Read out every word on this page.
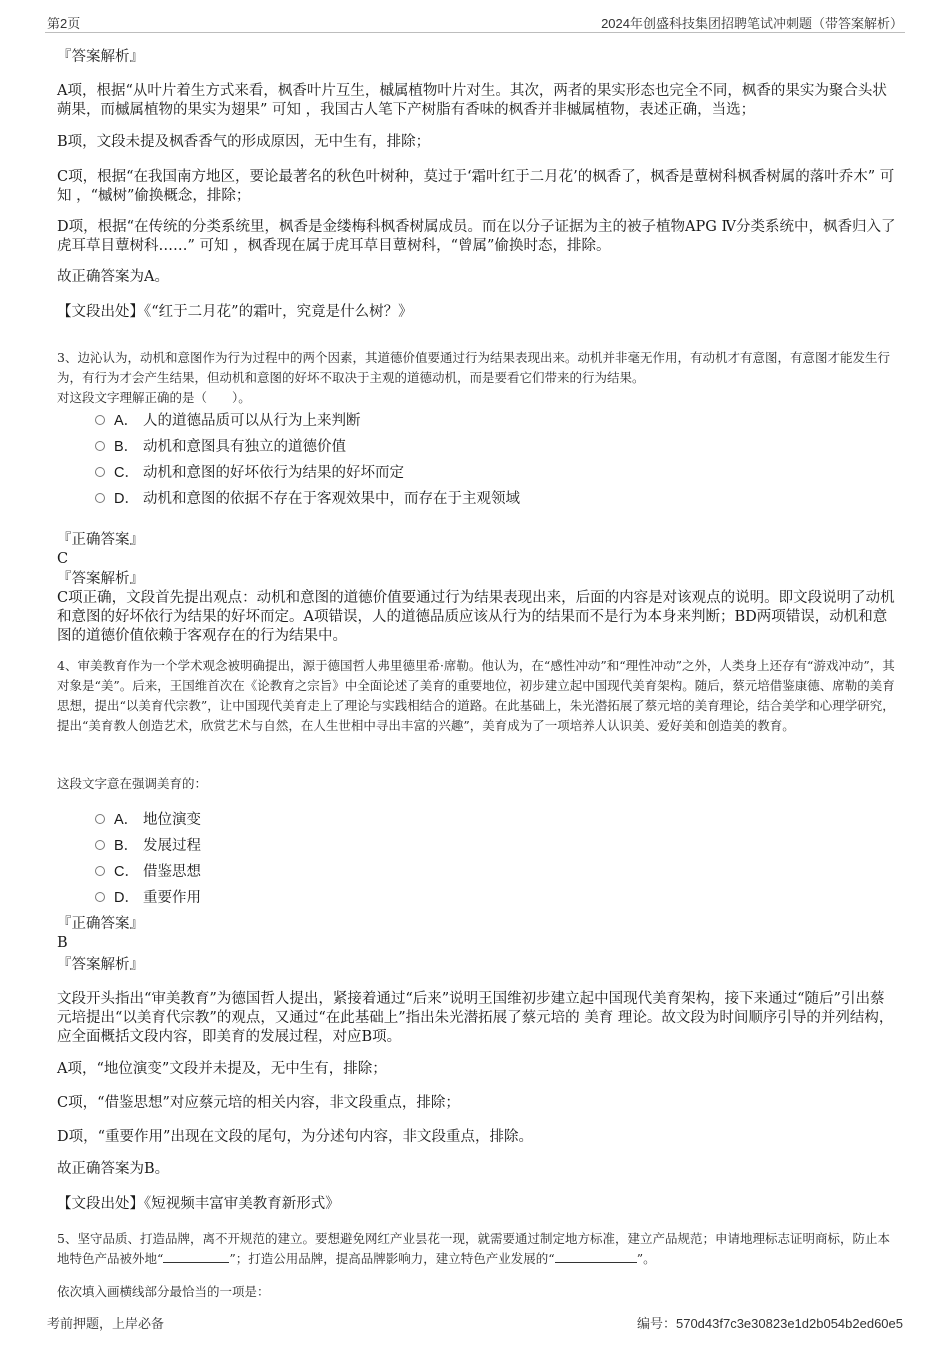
第2页	2024年创盛科技集团招聘笔试冲刺题（带答案解析）
『答案解析』
A项，根据“从叶片着生方式来看，枫香叶片互生，槭属植物叶片对生。其次，两者的果实形态也完全不同，枫香的果实为聚合头状蒴果，而槭属植物的果实为翅果” 可知 ，我国古人笔下产树脂有香味的枫香并非槭属植物，表述正确，当选；
B项，文段未提及枫香香气的形成原因，无中生有，排除；
C项，根据“在我国南方地区，要论最著名的秋色叶树种，莫过于‘霜叶红于二月花’的枫香了，枫香是蕈树科枫香树属的落叶乔木” 可知 ，“槭树”偷换概念，排除；
D项，根据“在传统的分类系统里，枫香是金缕梅科枫香树属成员。而在以分子证据为主的被子植物APG Ⅳ分类系统中，枫香归入了虎耳草目蕈树科……” 可知 ，枫香现在属于虎耳草目蕈树科，“曾属”偷换时态，排除。
故正确答案为A。
【文段出处】《“红于二月花”的霜叶，究竟是什么树？》
3、边沁认为，动机和意图作为行为过程中的两个因素，其道德价值要通过行为结果表现出来。动机并非毫无作用，有动机才有意图，有意图才能发生行为，有行为才会产生结果，但动机和意图的好坏不取决于主观的道德动机，而是要看它们带来的行为结果。
对这段文字理解正确的是（　　）。
A． 人的道德品质可以从行为上来判断
B． 动机和意图具有独立的道德价值
C． 动机和意图的好坏依行为结果的好坏而定
D． 动机和意图的依据不存在于客观效果中，而存在于主观领域
『正确答案』
C
『答案解析』
C项正确，文段首先提出观点：动机和意图的道德价值要通过行为结果表现出来，后面的内容是对该观点的说明。即文段说明了动机和意图的好坏依行为结果的好坏而定。A项错误，人的道德品质应该从行为的结果而不是行为本身来判断；BD两项错误，动机和意图的道德价值依赖于客观存在的行为结果中。
4、审美教育作为一个学术观念被明确提出，源于德国哲人弗里德里希·席勒。他认为，在“感性冲动”和“理性冲动”之外，人类身上还存有“游戏冲动”，其对象是“美”。后来，王国维首次在《论教育之宗旨》中全面论述了美育的重要地位，初步建立起中国现代美育架构。随后，蔡元培借鉴康德、席勒的美育思想，提出“以美育代宗教”，让中国现代美育走上了理论与实践相结合的道路。在此基础上，朱光潜拓展了蔡元培的美育理论，结合美学和心理学研究，提出“美育教人创造艺术，欣赏艺术与自然，在人生世相中寻出丰富的兴趣”，美育成为了一项培养人认识美、爱好美和创造美的教育。
这段文字意在强调美育的：
A． 地位演变
B． 发展过程
C． 借鉴思想
D． 重要作用
『正确答案』
B
『答案解析』
文段开头指出“审美教育”为德国哲人提出，紧接着通过“后来”说明王国维初步建立起中国现代美育架构，接下来通过“随后”引出蔡元培提出“以美育代宗教”的观点，又通过“在此基础上”指出朱光潜拓展了蔡元培的 美育 理论。故文段为时间顺序引导的并列结构，应全面概括文段内容，即美育的发展过程，对应B项。
A项，“地位演变”文段并未提及，无中生有，排除；
C项，“借鉴思想”对应蔡元培的相关内容，非文段重点，排除；
D项，“重要作用”出现在文段的尾句，为分述句内容，非文段重点，排除。
故正确答案为B。
【文段出处】《短视频丰富审美教育新形式》
5、坚守品质、打造品牌，离不开规范的建立。要想避免网红产业昙花一现，就需要通过制定地方标准，建立产品规范；申请地理标志证明商标，防止本地特色产品被外地“	”；打造公用品牌，提高品牌影响力，建立特色产业发展的“	”。
依次填入画横线部分最恰当的一项是：
考前押题，上岸必备	编号：570d43f7c3e30823e1d2b054b2ed60e5
